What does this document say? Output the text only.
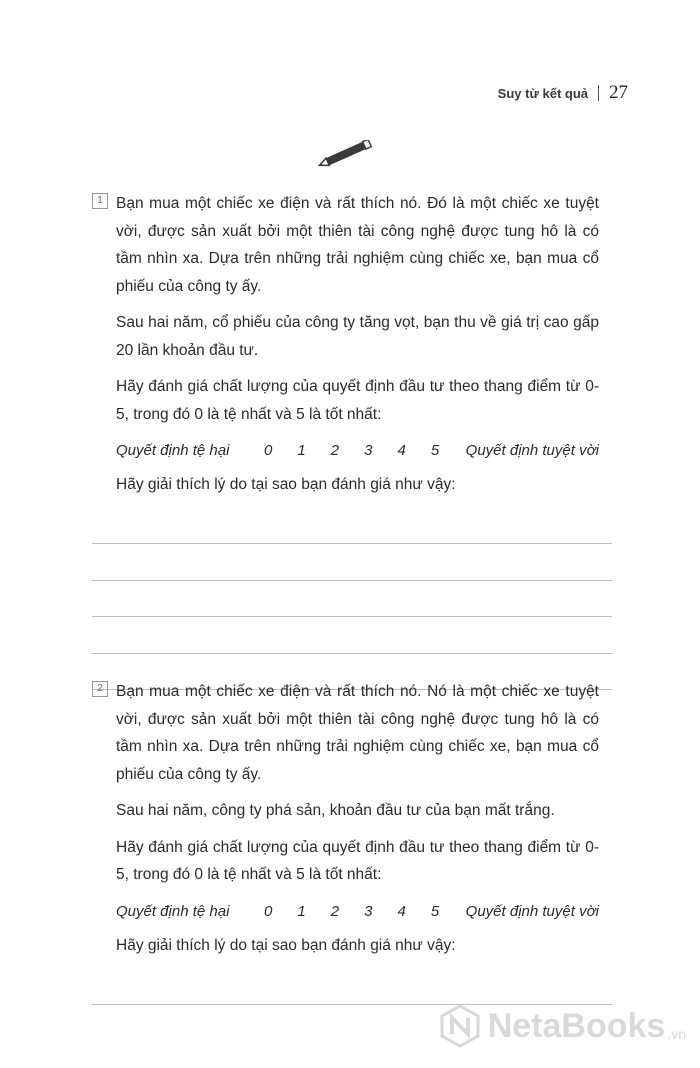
Suy từ kết quả 27
1 Bạn mua một chiếc xe điện và rất thích nó. Đó là một chiếc xe tuyệt vời, được sản xuất bởi một thiên tài công nghệ được tung hô là có tầm nhìn xa. Dựa trên những trải nghiệm cùng chiếc xe, bạn mua cổ phiếu của công ty ấy.

Sau hai năm, cổ phiếu của công ty tăng vọt, bạn thu về giá trị cao gấp 20 lần khoản đầu tư.

Hãy đánh giá chất lượng của quyết định đầu tư theo thang điểm từ 0-5, trong đó 0 là tệ nhất và 5 là tốt nhất:

Quyết định tệ hại	0	1	2	3	4	5	Quyết định tuyệt vời

Hãy giải thích lý do tại sao bạn đánh giá như vậy:

2 Bạn mua một chiếc xe điện và rất thích nó. Nó là một chiếc xe tuyệt vời, được sản xuất bởi một thiên tài công nghệ được tung hô là có tầm nhìn xa. Dựa trên những trải nghiệm cùng chiếc xe, bạn mua cổ phiếu của công ty ấy.

Sau hai năm, công ty phá sản, khoản đầu tư của bạn mất trắng.

Hãy đánh giá chất lượng của quyết định đầu tư theo thang điểm từ 0-5, trong đó 0 là tệ nhất và 5 là tốt nhất:

Quyết định tệ hại	0	1	2	3	4	5	Quyết định tuyệt vời

Hãy giải thích lý do tại sao bạn đánh giá như vậy:

NetaBooks .vn
